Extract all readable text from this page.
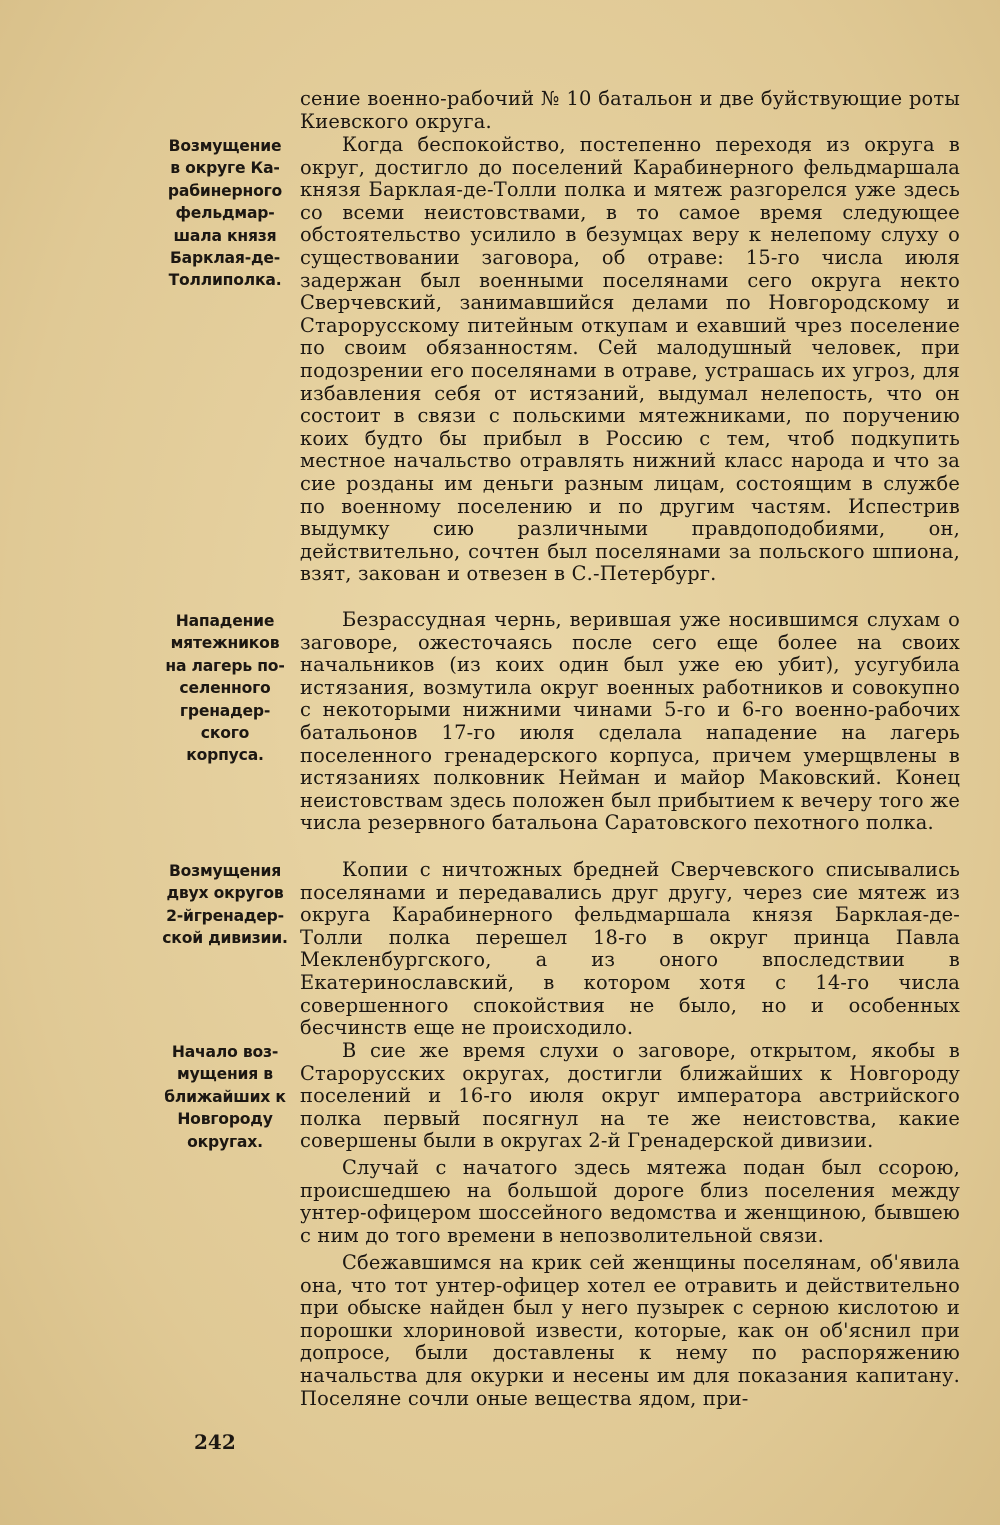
сение военно-рабочий № 10 батальон и две буйствующие роты Киевского округа.

Когда беспокойство, постепенно переходя из округа в округ, достигло до поселений Карабинерного фельдмаршала князя Барклая-де-Толли полка и мятеж разгорелся уже здесь со всеми неистовствами, в то самое время следующее обстоятельство усилило в безумцах веру к нелепому слуху о существовании заговора, об отраве: 15-го числа июля задержан был военными поселянами сего округа некто Сверчевский, занимавшийся делами по Новгородскому и Старорусскому питейным откупам и ехавший чрез поселение по своим обязанностям. Сей малодушный человек, при подозрении его поселянами в отраве, устрашась их угроз, для избавления себя от истязаний, выдумал нелепость, что он состоит в связи с польскими мятежниками, по поручению коих будто бы прибыл в Россию с тем, чтоб подкупить местное начальство отравлять нижний класс народа и что за сие розданы им деньги разным лицам, состоящим в службе по военному поселению и по другим частям. Испестрив выдумку сию различными правдоподобиями, он, действительно, сочтен был поселянами за польского шпиона, взят, закован и отвезен в С.-Петербург.

Безрассудная чернь, верившая уже носившимся слухам о заговоре, ожесточаясь после сего еще более на своих начальников (из коих один был уже ею убит), усугубила истязания, возмутила округ военных работников и совокупно с некоторыми нижними чинами 5-го и 6-го военно-рабочих батальонов 17-го июля сделала нападение на лагерь поселенного гренадерского корпуса, причем умерщвлены в истязаниях полковник Нейман и майор Маковский. Конец неистовствам здесь положен был прибытием к вечеру того же числа резервного батальона Саратовского пехотного полка.

Копии с ничтожных бредней Сверчевского списывались поселянами и передавались друг другу, через сие мятеж из округа Карабинерного фельдмаршала князя Барклая-де-Толли полка перешел 18-го в округ принца Павла Мекленбургского, а из оного впоследствии в Екатеринославский, в котором хотя с 14-го числа совершенного спокойствия не было, но и особенных бесчинств еще не происходило.

В сие же время слухи о заговоре, открытом, якобы в Старорусских округах, достигли ближайших к Новгороду поселений и 16-го июля округ императора австрийского полка первый посягнул на те же неистовства, какие совершены были в округах 2-й Гренадерской дивизии.

Случай с начатого здесь мятежа подан был ссорою, происшедшею на большой дороге близ поселения между унтер-офицером шоссейного ведомства и женщиною, бывшею с ним до того времени в непозволительной связи.

Сбежавшимся на крик сей женщины поселянам, об'явила она, что тот унтер-офицер хотел ее отравить и действительно при обыске найден был у него пузырек с серною кислотою и порошки хлориновой извести, которые, как он об'яснил при допросе, были доставлены к нему по распоряжению начальства для окурки и несены им для показания капитану. Поселяне сочли оные вещества ядом, при-

Возмущение
в округе Ка-
рабинерного
фельдмар-
шала князя
Барклая-де-
Толлиполка.
Нападение
мятежников
на лагерь по-
селенного
гренадер-
ского
корпуса.
Возмущения
двух округов
2-йгренадер-
ской дивизии.
Начало воз-
мущения в
ближайших к
Новгороду
округах.
242
